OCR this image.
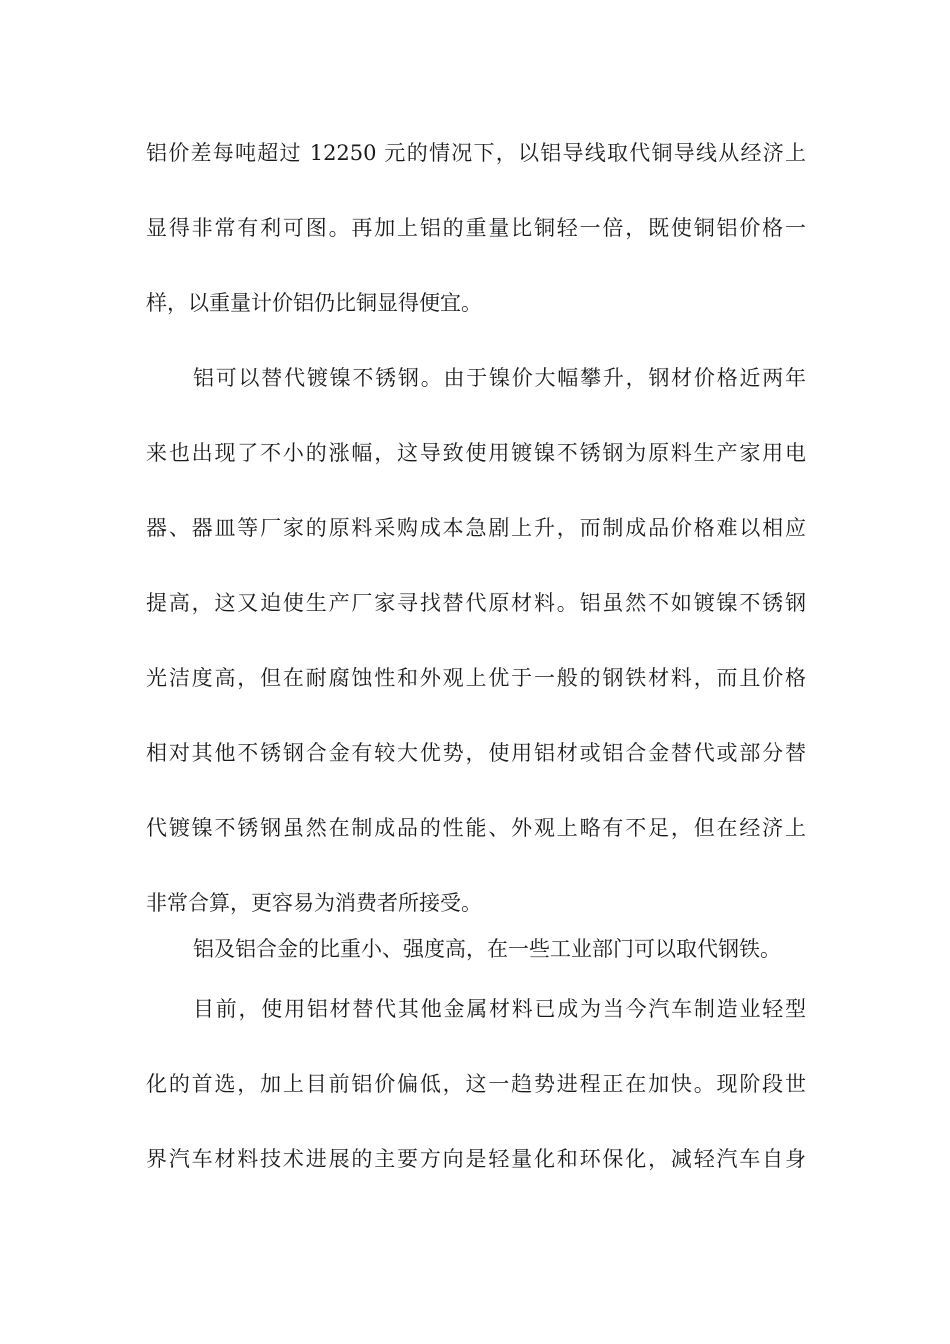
铝价差每吨超过 12250 元的情况下，以铝导线取代铜导线从经济上
显得非常有利可图。再加上铝的重量比铜轻一倍，既使铜铝价格一
样，以重量计价铝仍比铜显得便宜。
铝可以替代镀镍不锈钢。由于镍价大幅攀升，钢材价格近两年
来也出现了不小的涨幅，这导致使用镀镍不锈钢为原料生产家用电
器、器皿等厂家的原料采购成本急剧上升，而制成品价格难以相应
提高，这又迫使生产厂家寻找替代原材料。铝虽然不如镀镍不锈钢
光洁度高，但在耐腐蚀性和外观上优于一般的钢铁材料，而且价格
相对其他不锈钢合金有较大优势，使用铝材或铝合金替代或部分替
代镀镍不锈钢虽然在制成品的性能、外观上略有不足，但在经济上
非常合算，更容易为消费者所接受。
铝及铝合金的比重小、强度高，在一些工业部门可以取代钢铁。
目前，使用铝材替代其他金属材料已成为当今汽车制造业轻型
化的首选，加上目前铝价偏低，这一趋势进程正在加快。现阶段世
界汽车材料技术进展的主要方向是轻量化和环保化，减轻汽车自身
